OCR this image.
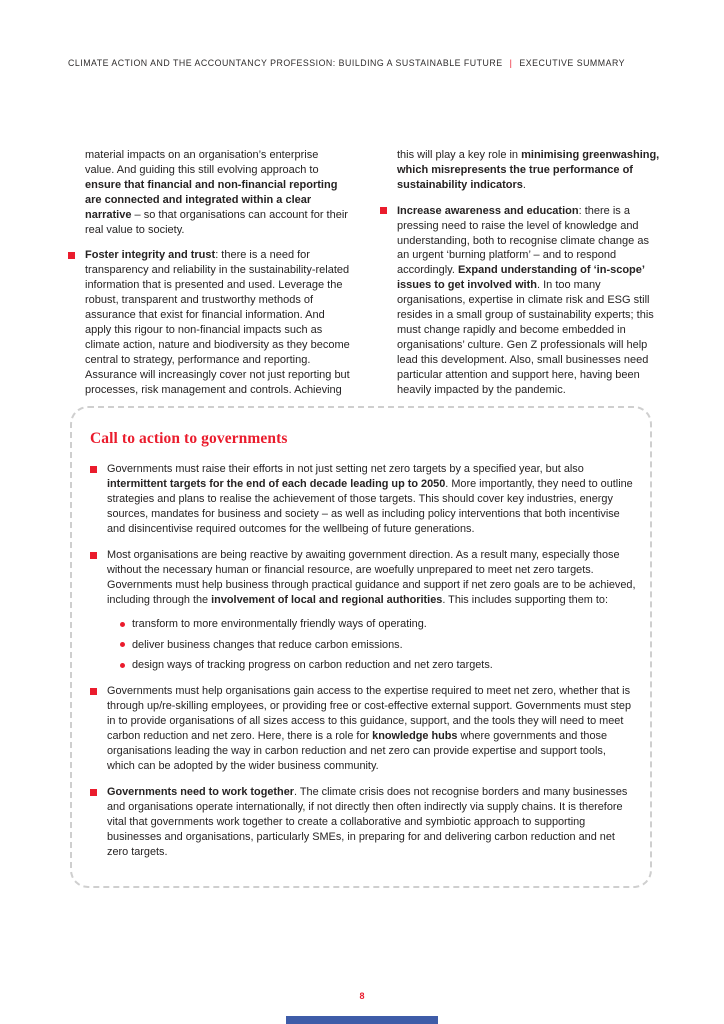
CLIMATE ACTION AND THE ACCOUNTANCY PROFESSION: BUILDING A SUSTAINABLE FUTURE | EXECUTIVE SUMMARY

material impacts on an organisation’s enterprise value. And guiding this still evolving approach to ensure that financial and non-financial reporting are connected and integrated within a clear narrative – so that organisations can account for their real value to society.

Foster integrity and trust: there is a need for transparency and reliability in the sustainability-related information that is presented and used. Leverage the robust, transparent and trustworthy methods of assurance that exist for financial information. And apply this rigour to non-financial impacts such as climate action, nature and biodiversity as they become central to strategy, performance and reporting. Assurance will increasingly cover not just reporting but processes, risk management and controls. Achieving

this will play a key role in minimising greenwashing, which misrepresents the true performance of sustainability indicators.

Increase awareness and education: there is a pressing need to raise the level of knowledge and understanding, both to recognise climate change as an urgent ‘burning platform’ – and to respond accordingly. Expand understanding of ‘in-scope’ issues to get involved with. In too many organisations, expertise in climate risk and ESG still resides in a small group of sustainability experts; this must change rapidly and become embedded in organisations’ culture. Gen Z professionals will help lead this development. Also, small businesses need particular attention and support here, having been heavily impacted by the pandemic.

Call to action to governments

Governments must raise their efforts in not just setting net zero targets by a specified year, but also intermittent targets for the end of each decade leading up to 2050. More importantly, they need to outline strategies and plans to realise the achievement of those targets. This should cover key industries, energy sources, mandates for business and society – as well as including policy interventions that both incentivise and disincentivise required outcomes for the wellbeing of future generations.

Most organisations are being reactive by awaiting government direction. As a result many, especially those without the necessary human or financial resource, are woefully unprepared to meet net zero targets. Governments must help business through practical guidance and support if net zero goals are to be achieved, including through the involvement of local and regional authorities. This includes supporting them to:

transform to more environmentally friendly ways of operating.
deliver business changes that reduce carbon emissions.
design ways of tracking progress on carbon reduction and net zero targets.

Governments must help organisations gain access to the expertise required to meet net zero, whether that is through up/re-skilling employees, or providing free or cost-effective external support. Governments must step in to provide organisations of all sizes access to this guidance, support, and the tools they will need to meet carbon reduction and net zero. Here, there is a role for knowledge hubs where governments and those organisations leading the way in carbon reduction and net zero can provide expertise and support tools, which can be adopted by the wider business community.

Governments need to work together. The climate crisis does not recognise borders and many businesses and organisations operate internationally, if not directly then often indirectly via supply chains. It is therefore vital that governments work together to create a collaborative and symbiotic approach to supporting businesses and organisations, particularly SMEs, in preparing for and delivering carbon reduction and net zero targets.

8
